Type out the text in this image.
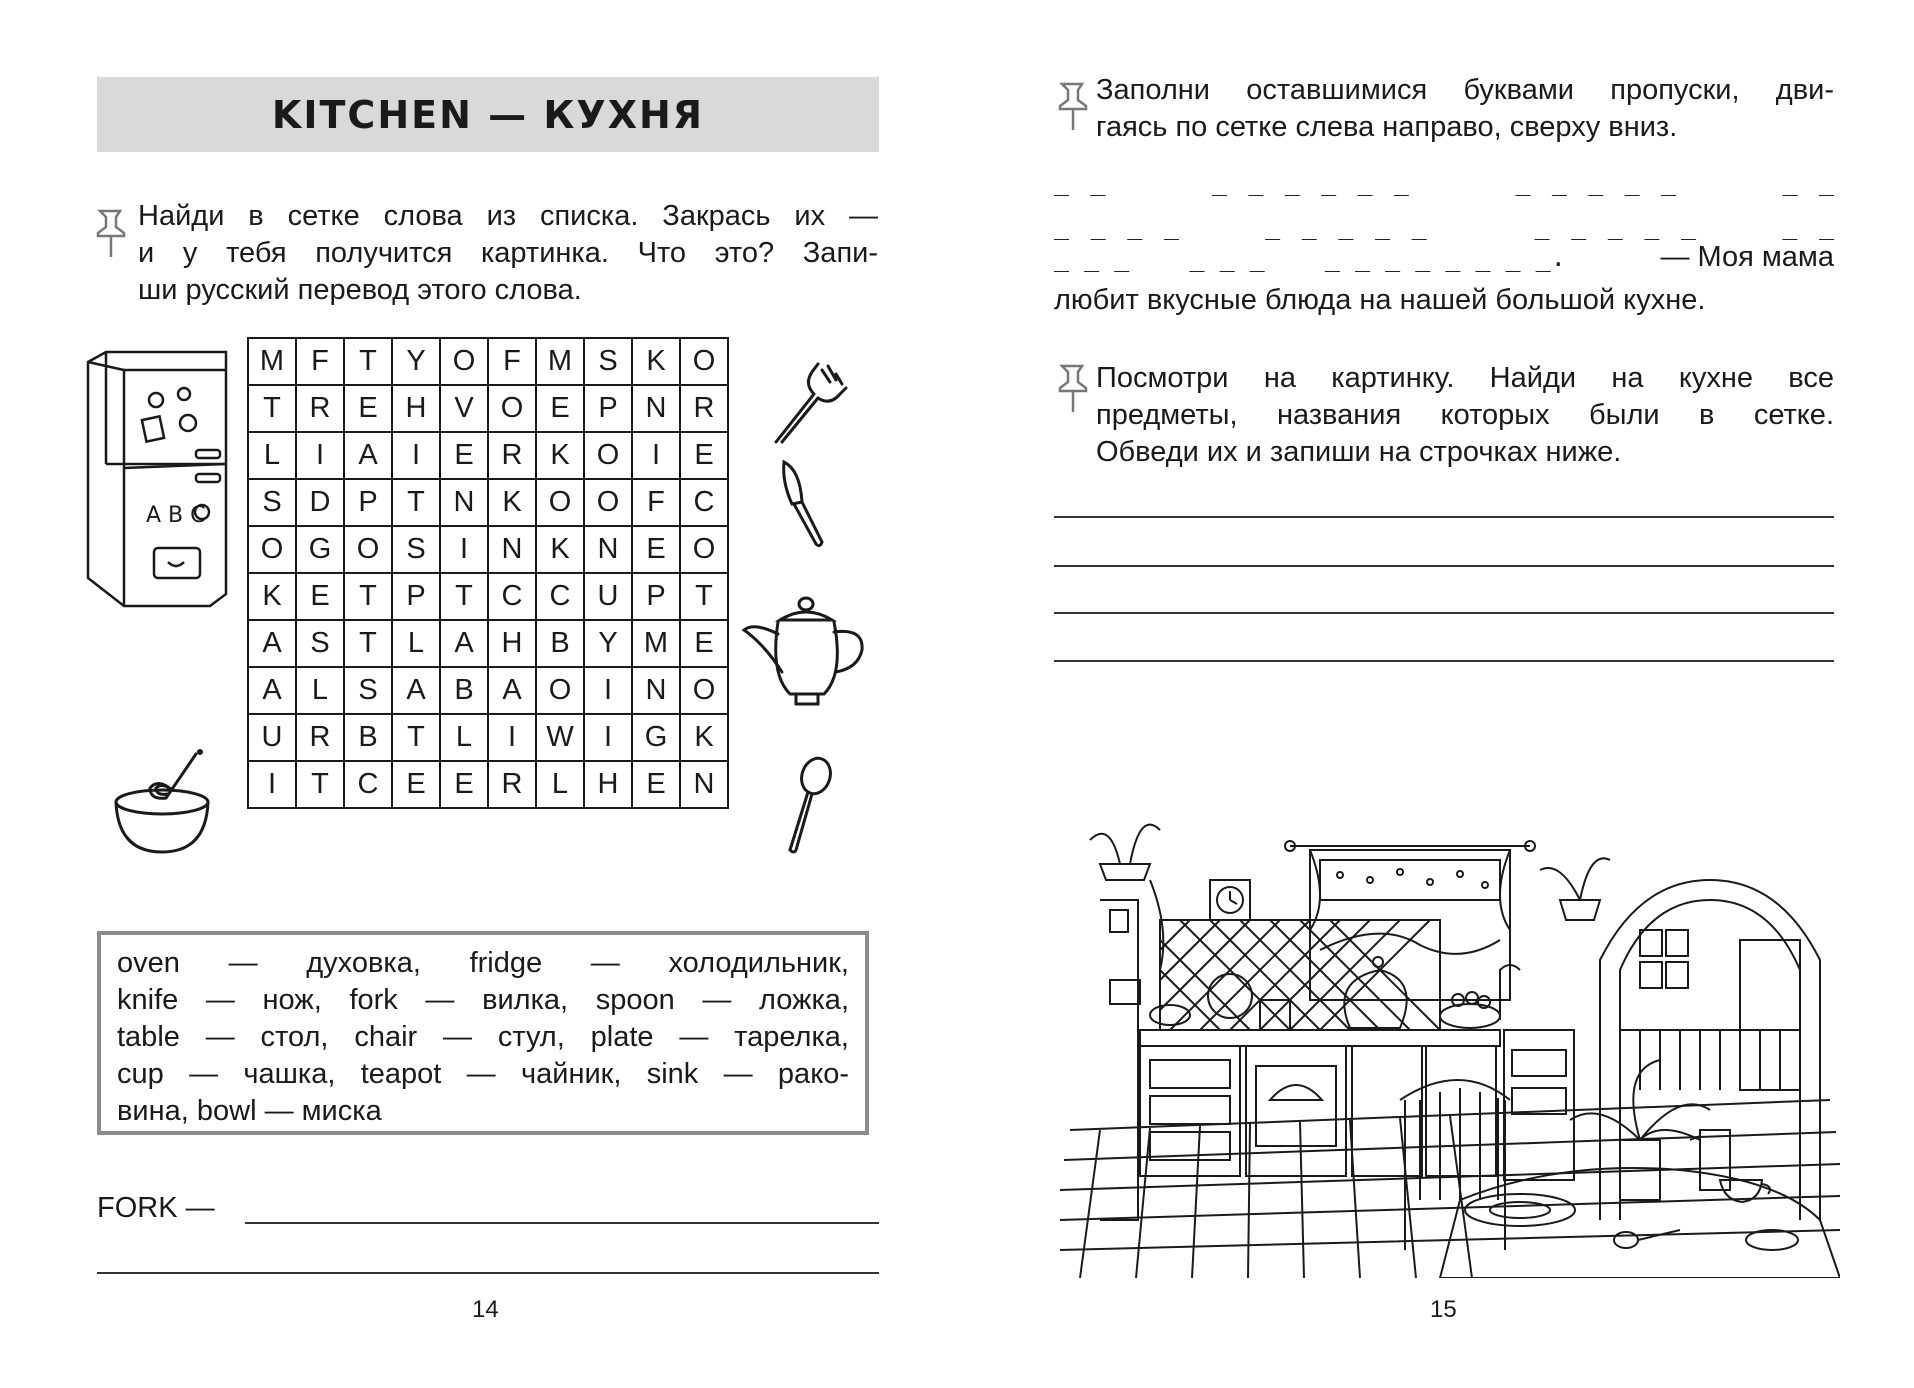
KITCHEN — КУХНЯ
Найди в сетке слова из списка. Закрась их —
и у тебя получится картинка. Что это? Запи-
ши русский перевод этого слова.
A B C
M	F	T	Y	O	F	M	S	K	O
T	R	E	H	V	O	E	P	N	R
L	I	A	I	E	R	K	O	I	E
S	D	P	T	N	K	O	O	F	C
O	G	O	S	I	N	K	N	E	O
K	E	T	P	T	C	C	U	P	T
A	S	T	L	A	H	B	Y	M	E
A	L	S	A	B	A	O	I	N	O
U	R	B	T	L	I	W	I	G	K
I	T	C	E	E	R	L	H	E	N
oven — духовка, fridge — холодильник,
knife — нож, fork — вилка, spoon — ложка,
table — стол, chair — стул, plate — тарелка,
cup — чашка, teapot — чайник, sink — рако-
вина, bowl — миска
FORK —
14
Заполни оставшимися буквами пропуски, дви-
гаясь по сетке слева направо, сверху вниз.
_ _     _ _ _ _ _ _     _ _ _ _ _     _ _
_ _ _ _    _ _ _ _ _     _ _ _ _ _    _ _
_ _ _    _ _ _    _ _ _ _ _ _ _ _.	— Моя мама
любит вкусные блюда на нашей большой кухне.
Посмотри на картинку. Найди на кухне все
предметы, названия которых были в сетке.
Обведи их и запиши на строчках ниже.
15
